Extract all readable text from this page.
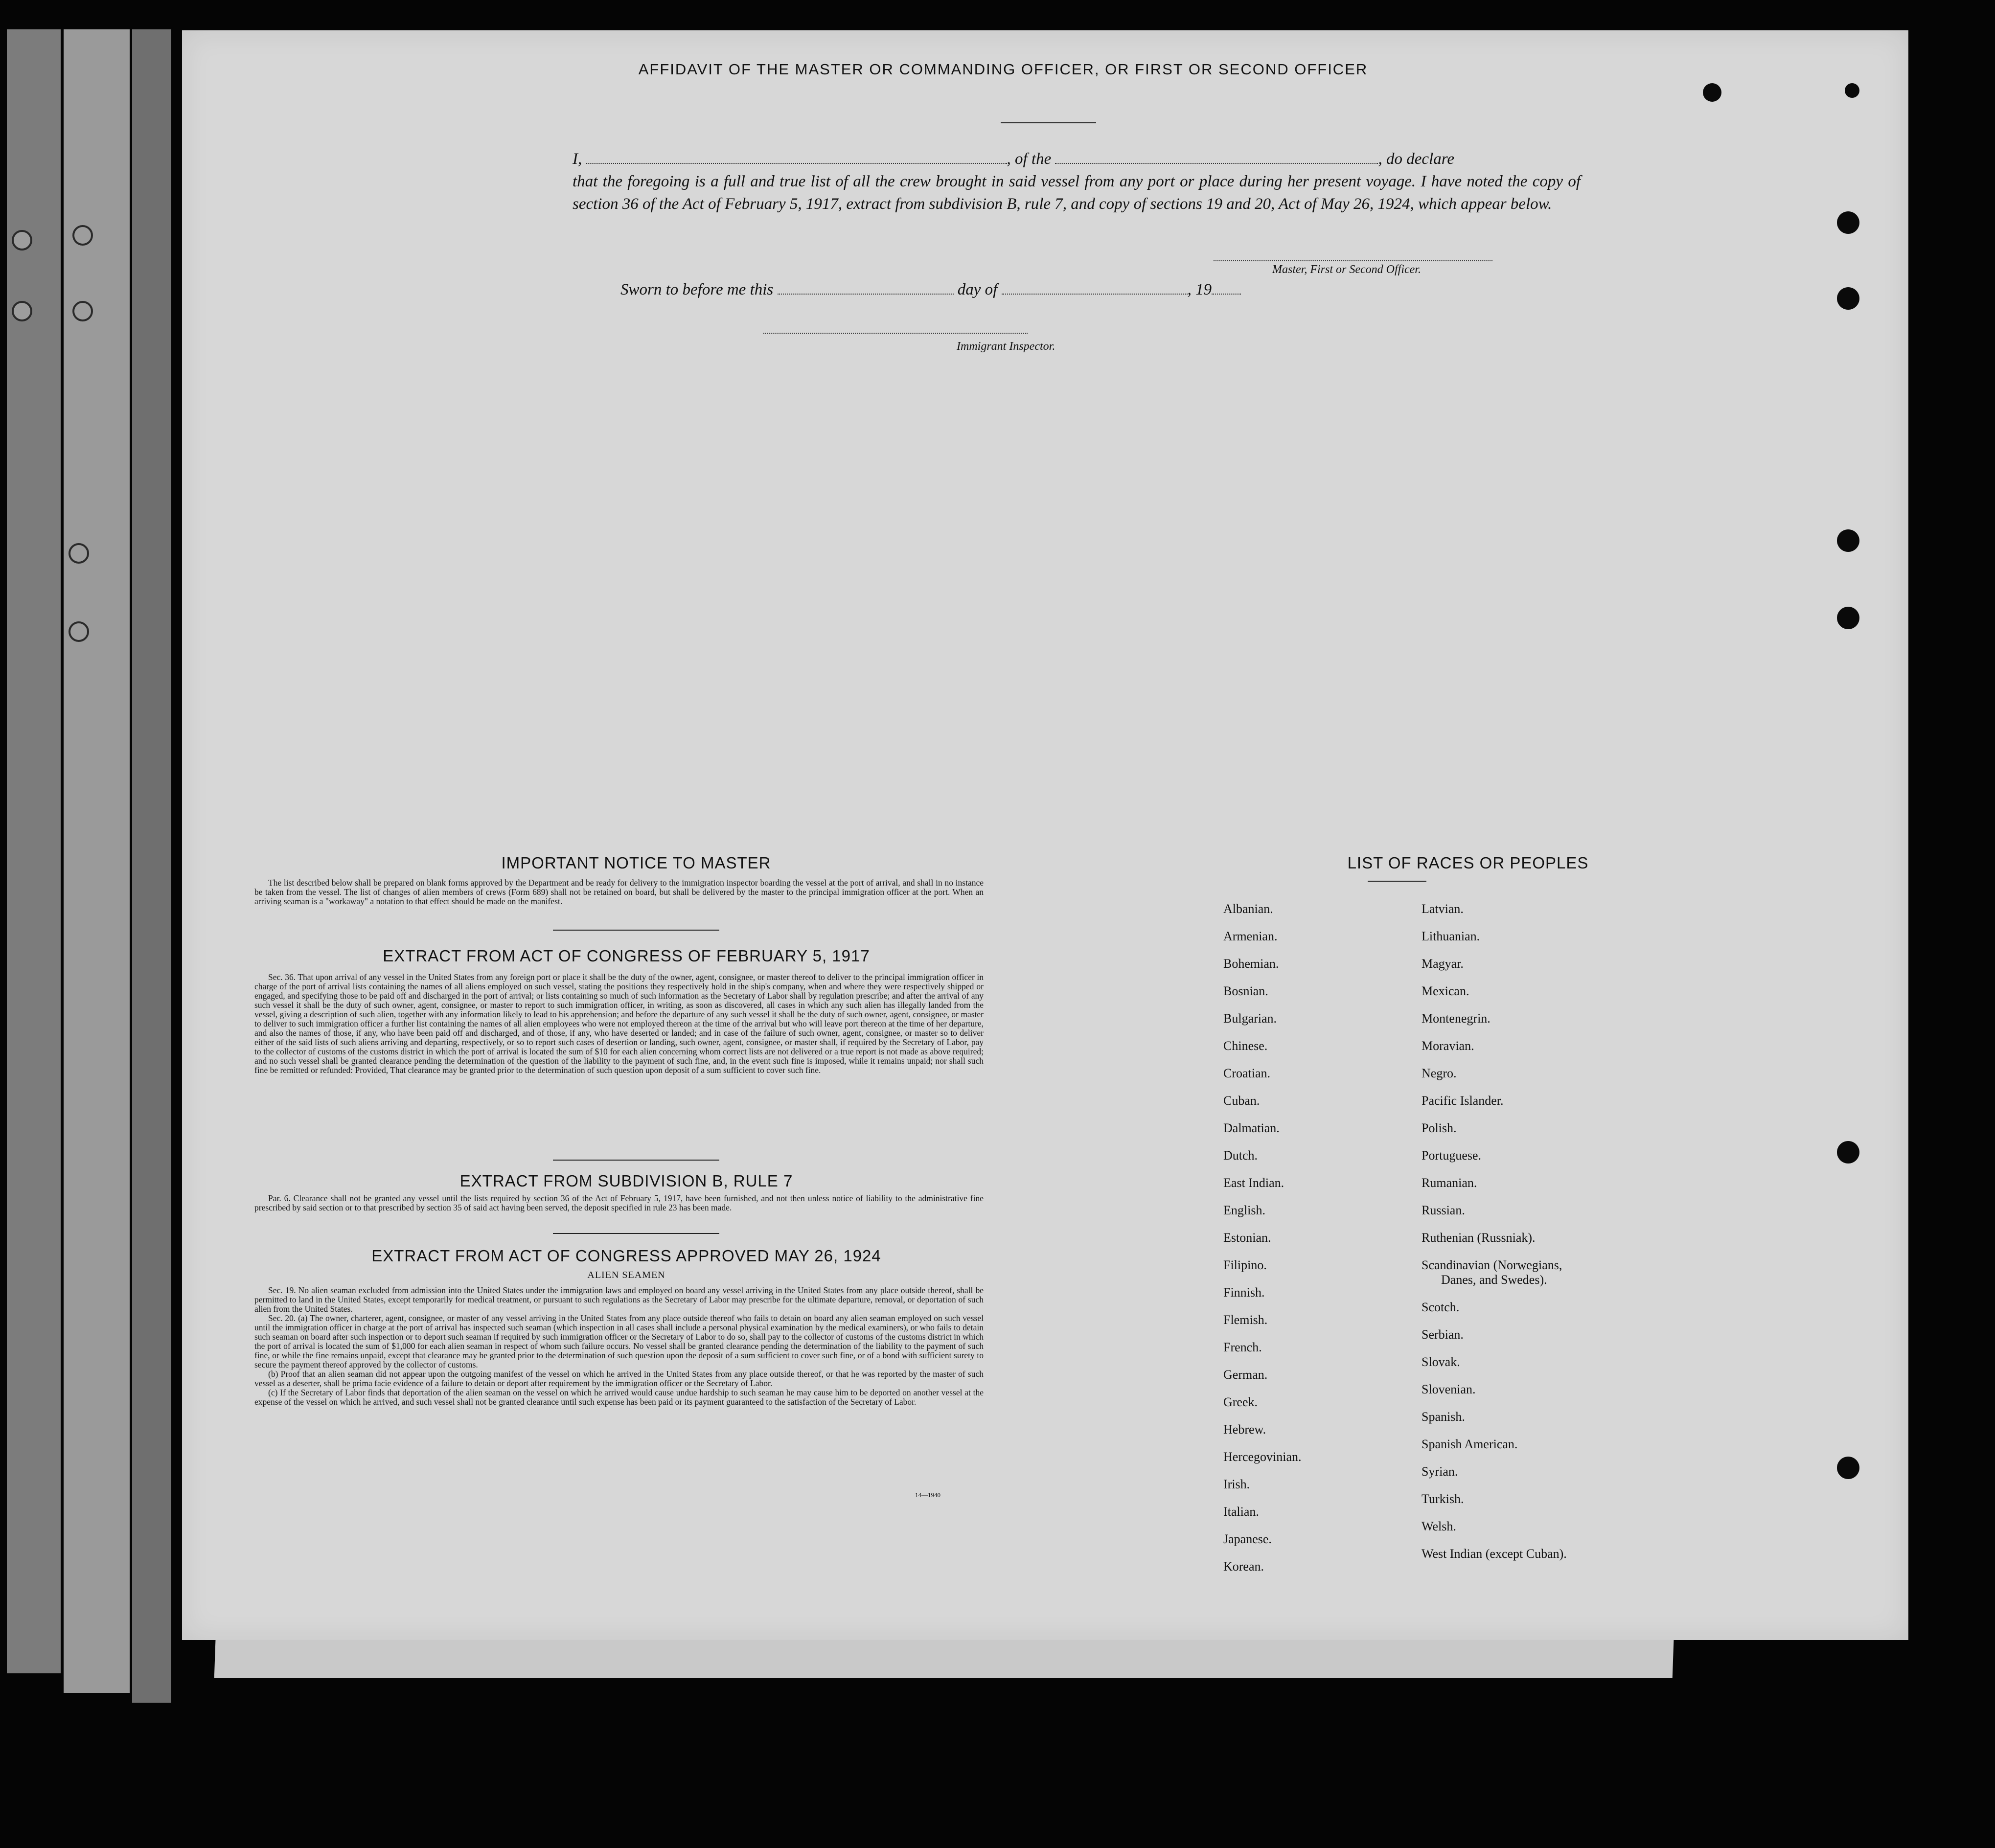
AFFIDAVIT OF THE MASTER OR COMMANDING OFFICER, OR FIRST OR SECOND OFFICER
I,	, of the	, do declare
that the foregoing is a full and true list of all the crew brought in said vessel from any port or place during her present voyage. I have noted the copy of section 36 of the Act of February 5, 1917, extract from subdivision B, rule 7, and copy of sections 19 and 20, Act of May 26, 1924, which appear below.
Master, First or Second Officer.
Sworn to before me this	day of	, 19
Immigrant Inspector.
IMPORTANT NOTICE TO MASTER
The list described below shall be prepared on blank forms approved by the Department and be ready for delivery to the immigration inspector boarding the vessel at the port of arrival, and shall in no instance be taken from the vessel. The list of changes of alien members of crews (Form 689) shall not be retained on board, but shall be delivered by the master to the principal immigration officer at the port. When an arriving seaman is a "workaway" a notation to that effect should be made on the manifest.
EXTRACT FROM ACT OF CONGRESS OF FEBRUARY 5, 1917
Sec. 36. That upon arrival of any vessel in the United States from any foreign port or place it shall be the duty of the owner, agent, consignee, or master thereof to deliver to the principal immigration officer in charge of the port of arrival lists containing the names of all aliens employed on such vessel, stating the positions they respectively hold in the ship's company, when and where they were respectively shipped or engaged, and specifying those to be paid off and discharged in the port of arrival; or lists containing so much of such information as the Secretary of Labor shall by regulation prescribe; and after the arrival of any such vessel it shall be the duty of such owner, agent, consignee, or master to report to such immigration officer, in writing, as soon as discovered, all cases in which any such alien has illegally landed from the vessel, giving a description of such alien, together with any information likely to lead to his apprehension; and before the departure of any such vessel it shall be the duty of such owner, agent, consignee, or master to deliver to such immigration officer a further list containing the names of all alien employees who were not employed thereon at the time of the arrival but who will leave port thereon at the time of her departure, and also the names of those, if any, who have been paid off and discharged, and of those, if any, who have deserted or landed; and in case of the failure of such owner, agent, consignee, or master so to deliver either of the said lists of such aliens arriving and departing, respectively, or so to report such cases of desertion or landing, such owner, agent, consignee, or master shall, if required by the Secretary of Labor, pay to the collector of customs of the customs district in which the port of arrival is located the sum of $10 for each alien concerning whom correct lists are not delivered or a true report is not made as above required; and no such vessel shall be granted clearance pending the determination of the question of the liability to the payment of such fine, and, in the event such fine is imposed, while it remains unpaid; nor shall such fine be remitted or refunded: Provided, That clearance may be granted prior to the determination of such question upon deposit of a sum sufficient to cover such fine.
EXTRACT FROM SUBDIVISION B, RULE 7
Par. 6. Clearance shall not be granted any vessel until the lists required by section 36 of the Act of February 5, 1917, have been furnished, and not then unless notice of liability to the administrative fine prescribed by said section or to that prescribed by section 35 of said act having been served, the deposit specified in rule 23 has been made.
EXTRACT FROM ACT OF CONGRESS APPROVED MAY 26, 1924
ALIEN SEAMEN
Sec. 19. No alien seaman excluded from admission into the United States under the immigration laws and employed on board any vessel arriving in the United States from any place outside thereof, shall be permitted to land in the United States, except temporarily for medical treatment, or pursuant to such regulations as the Secretary of Labor may prescribe for the ultimate departure, removal, or deportation of such alien from the United States.
Sec. 20. (a) The owner, charterer, agent, consignee, or master of any vessel arriving in the United States from any place outside thereof who fails to detain on board any alien seaman employed on such vessel until the immigration officer in charge at the port of arrival has inspected such seaman (which inspection in all cases shall include a personal physical examination by the medical examiners), or who fails to detain such seaman on board after such inspection or to deport such seaman if required by such immigration officer or the Secretary of Labor to do so, shall pay to the collector of customs of the customs district in which the port of arrival is located the sum of $1,000 for each alien seaman in respect of whom such failure occurs. No vessel shall be granted clearance pending the determination of the liability to the payment of such fine, or while the fine remains unpaid, except that clearance may be granted prior to the determination of such question upon the deposit of a sum sufficient to cover such fine, or of a bond with sufficient surety to secure the payment thereof approved by the collector of customs.
(b) Proof that an alien seaman did not appear upon the outgoing manifest of the vessel on which he arrived in the United States from any place outside thereof, or that he was reported by the master of such vessel as a deserter, shall be prima facie evidence of a failure to detain or deport after requirement by the immigration officer or the Secretary of Labor.
(c) If the Secretary of Labor finds that deportation of the alien seaman on the vessel on which he arrived would cause undue hardship to such seaman he may cause him to be deported on another vessel at the expense of the vessel on which he arrived, and such vessel shall not be granted clearance until such expense has been paid or its payment guaranteed to the satisfaction of the Secretary of Labor.
14—1940
LIST OF RACES OR PEOPLES
Albanian.
Armenian.
Bohemian.
Bosnian.
Bulgarian.
Chinese.
Croatian.
Cuban.
Dalmatian.
Dutch.
East Indian.
English.
Estonian.
Filipino.
Finnish.
Flemish.
French.
German.
Greek.
Hebrew.
Hercegovinian.
Irish.
Italian.
Japanese.
Korean.
Latvian.
Lithuanian.
Magyar.
Mexican.
Montenegrin.
Moravian.
Negro.
Pacific Islander.
Polish.
Portuguese.
Rumanian.
Russian.
Ruthenian (Russniak).
Scandinavian (Norwegians,
Danes, and Swedes).
Scotch.
Serbian.
Slovak.
Slovenian.
Spanish.
Spanish American.
Syrian.
Turkish.
Welsh.
West Indian (except Cuban).
